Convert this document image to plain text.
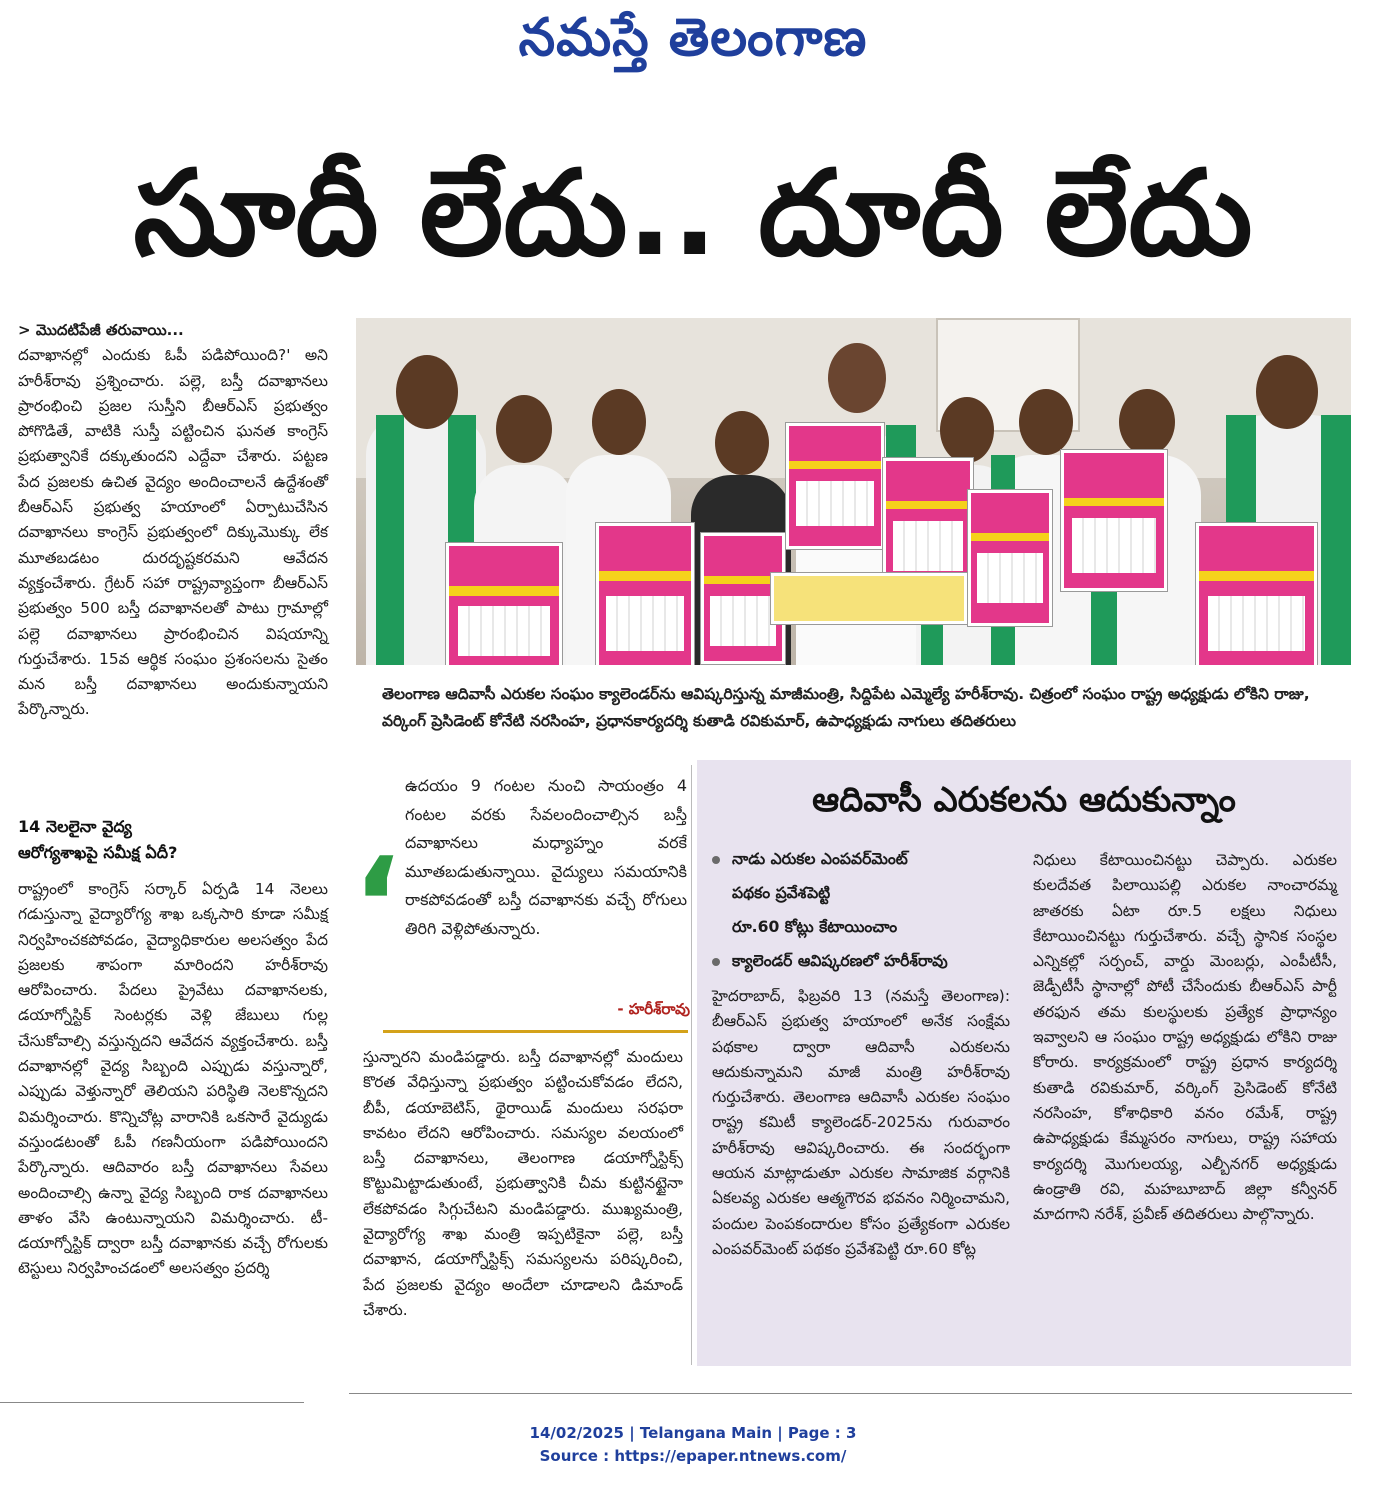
నమస్తే తెలంగాణ
సూదీ లేదు.. దూదీ లేదు

> మొదటిపేజీ తరువాయి...

దవాఖానల్లో ఎందుకు ఓపీ పడిపోయింది?' అని హరీశ్‌రావు ప్రశ్నించారు. పల్లె, బస్తీ దవాఖానలు ప్రారంభించి ప్రజల సుస్తీని బీఆర్‌ఎస్ ప్రభుత్వం పోగొడితే, వాటికి సుస్తీ పట్టించిన ఘనత కాంగ్రెస్ ప్రభుత్వానికే దక్కుతుందని ఎద్దేవా చేశారు. పట్టణ పేద ప్రజలకు ఉచిత వైద్యం అందించాలనే ఉద్దేశంతో బీఆర్‌ఎస్ ప్రభుత్వ హయాంలో ఏర్పాటుచేసిన దవాఖానలు కాంగ్రెస్ ప్రభుత్వంలో దిక్కుమొక్కు లేక మూతబడటం దురదృష్టకరమని ఆవేదన వ్యక్తంచేశారు. గ్రేటర్ సహా రాష్ట్రవ్యాప్తంగా బీఆర్‌ఎస్ ప్రభుత్వం 500 బస్తీ దవాఖానలతో పాటు గ్రామాల్లో పల్లె దవాఖానలు ప్రారంభించిన విషయాన్ని గుర్తుచేశారు. 15వ ఆర్థిక సంఘం ప్రశంసలను సైతం మన బస్తీ దవాఖానలు అందుకున్నాయని పేర్కొన్నారు.

14 నెలలైనా వైద్య
ఆరోగ్యశాఖపై సమీక్ష ఏదీ?

రాష్ట్రంలో కాంగ్రెస్ సర్కార్ ఏర్పడి 14 నెలలు గడుస్తున్నా వైద్యారోగ్య శాఖ ఒక్కసారి కూడా సమీక్ష నిర్వహించకపోవడం, వైద్యాధికారుల అలసత్వం పేద ప్రజలకు శాపంగా మారిందని హరీశ్‌రావు ఆరోపించారు. పేదలు ప్రైవేటు దవాఖానలకు, డయాగ్నోస్టిక్ సెంటర్లకు వెళ్లి జేబులు గుల్ల చేసుకోవాల్సి వస్తున్నదని ఆవేదన వ్యక్తంచేశారు. బస్తీ దవాఖానల్లో వైద్య సిబ్బంది ఎప్పుడు వస్తున్నారో, ఎప్పుడు వెళ్తున్నారో తెలియని పరిస్థితి నెలకొన్నదని విమర్శించారు. కొన్నిచోట్ల వారానికి ఒకసారే వైద్యుడు వస్తుండటంతో ఓపీ గణనీయంగా పడిపోయిందని పేర్కొన్నారు. ఆదివారం బస్తీ దవాఖానలు సేవలు అందించాల్సి ఉన్నా వైద్య సిబ్బంది రాక దవాఖానలు తాళం వేసి ఉంటున్నాయని విమర్శించారు. టీ-డయాగ్నోస్టిక్ ద్వారా బస్తీ దవాఖానకు వచ్చే రోగులకు టెస్టులు నిర్వహించడంలో అలసత్వం ప్రదర్శి

తెలంగాణ ఆదివాసీ ఎరుకల సంఘం క్యాలెండర్‌ను ఆవిష్కరిస్తున్న మాజీమంత్రి, సిద్దిపేట ఎమ్మెల్యే హరీశ్‌రావు. చిత్రంలో సంఘం రాష్ట్ర అధ్యక్షుడు లోకిని రాజు, వర్కింగ్ ప్రెసిడెంట్ కోనేటి నరసింహ, ప్రధానకార్యదర్శి కుతాడి రవికుమార్, ఉపాధ్యక్షుడు నాగులు తదితరులు
‘
ఉదయం 9 గంటల నుంచి సాయంత్రం 4 గంటల వరకు సేవలందించాల్సిన బస్తీ దవాఖానలు మధ్యాహ్నం వరకే మూతబడుతున్నాయి. వైద్యులు సమయానికి రాకపోవడంతో బస్తీ దవాఖానకు వచ్చే రోగులు తిరిగి వెళ్లిపోతున్నారు.
- హరీశ్‌రావు
స్తున్నారని మండిపడ్డారు. బస్తీ దవాఖానల్లో మందులు కొరత వేధిస్తున్నా ప్రభుత్వం పట్టించుకోవడం లేదని, బీపీ, డయాబెటిస్, థైరాయిడ్ మందులు సరఫరా కావటం లేదని ఆరోపించారు. సమస్యల వలయంలో బస్తీ దవాఖానలు, తెలంగాణ డయాగ్నోస్టిక్స్ కొట్టుమిట్టాడుతుంటే, ప్రభుత్వానికి చీమ కుట్టినట్టైనా లేకపోవడం సిగ్గుచేటని మండిపడ్డారు. ముఖ్యమంత్రి, వైద్యారోగ్య శాఖ మంత్రి ఇప్పటికైనా పల్లె, బస్తీ దవాఖాన, డయాగ్నోస్టిక్స్ సమస్యలను పరిష్కరించి, పేద ప్రజలకు వైద్యం అందేలా చూడాలని డిమాండ్ చేశారు.
ఆదివాసీ ఎరుకలను ఆదుకున్నాం
నాడు ఎరుకల ఎంపవర్‌మెంట్
పథకం ప్రవేశపెట్టి
రూ.60 కోట్లు కేటాయించాం
క్యాలెండర్ ఆవిష్కరణలో హరీశ్‌రావు
హైదరాబాద్, ఫిబ్రవరి 13 (నమస్తే తెలంగాణ): బీఆర్‌ఎస్ ప్రభుత్వ హయాంలో అనేక సంక్షేమ పథకాల ద్వారా ఆదివాసీ ఎరుకలను ఆదుకున్నామని మాజీ మంత్రి హరీశ్‌రావు గుర్తుచేశారు. తెలంగాణ ఆదివాసీ ఎరుకల సంఘం రాష్ట్ర కమిటీ క్యాలెండర్-2025ను గురువారం హరీశ్‌రావు ఆవిష్కరించారు. ఈ సందర్భంగా ఆయన మాట్లాడుతూ ఎరుకల సామాజిక వర్గానికి ఏకలవ్య ఎరుకల ఆత్మగౌరవ భవనం నిర్మించామని, పందుల పెంపకందారుల కోసం ప్రత్యేకంగా ఎరుకల ఎంపవర్‌మెంట్ పథకం ప్రవేశపెట్టి రూ.60 కోట్ల
నిధులు కేటాయించినట్టు చెప్పారు. ఎరుకల కులదేవత పిలాయిపల్లి ఎరుకల నాంచారమ్మ జాతరకు ఏటా రూ.5 లక్షలు నిధులు కేటాయించినట్టు గుర్తుచేశారు. వచ్చే స్థానిక సంస్థల ఎన్నికల్లో సర్పంచ్, వార్డు మెంబర్లు, ఎంపీటీసీ, జెడ్పీటీసీ స్థానాల్లో పోటీ చేసేందుకు బీఆర్‌ఎస్ పార్టీ తరఫున తమ కులస్థులకు ప్రత్యేక ప్రాధాన్యం ఇవ్వాలని ఆ సంఘం రాష్ట్ర అధ్యక్షుడు లోకిని రాజు కోరారు. కార్యక్రమంలో రాష్ట్ర ప్రధాన కార్యదర్శి కుతాడి రవికుమార్, వర్కింగ్ ప్రెసిడెంట్ కోనేటి నరసింహ, కోశాధికారి వనం రమేశ్, రాష్ట్ర ఉపాధ్యక్షుడు కేమ్మసరం నాగులు, రాష్ట్ర సహాయ కార్యదర్శి మొగులయ్య, ఎల్బీనగర్ అధ్యక్షుడు ఉండ్రాతి రవి, మహబూబాద్ జిల్లా కన్వీనర్ మాదగాని నరేశ్, ప్రవీణ్ తదితరులు పాల్గొన్నారు.
14/02/2025 | Telangana Main | Page : 3
Source : https://epaper.ntnews.com/
